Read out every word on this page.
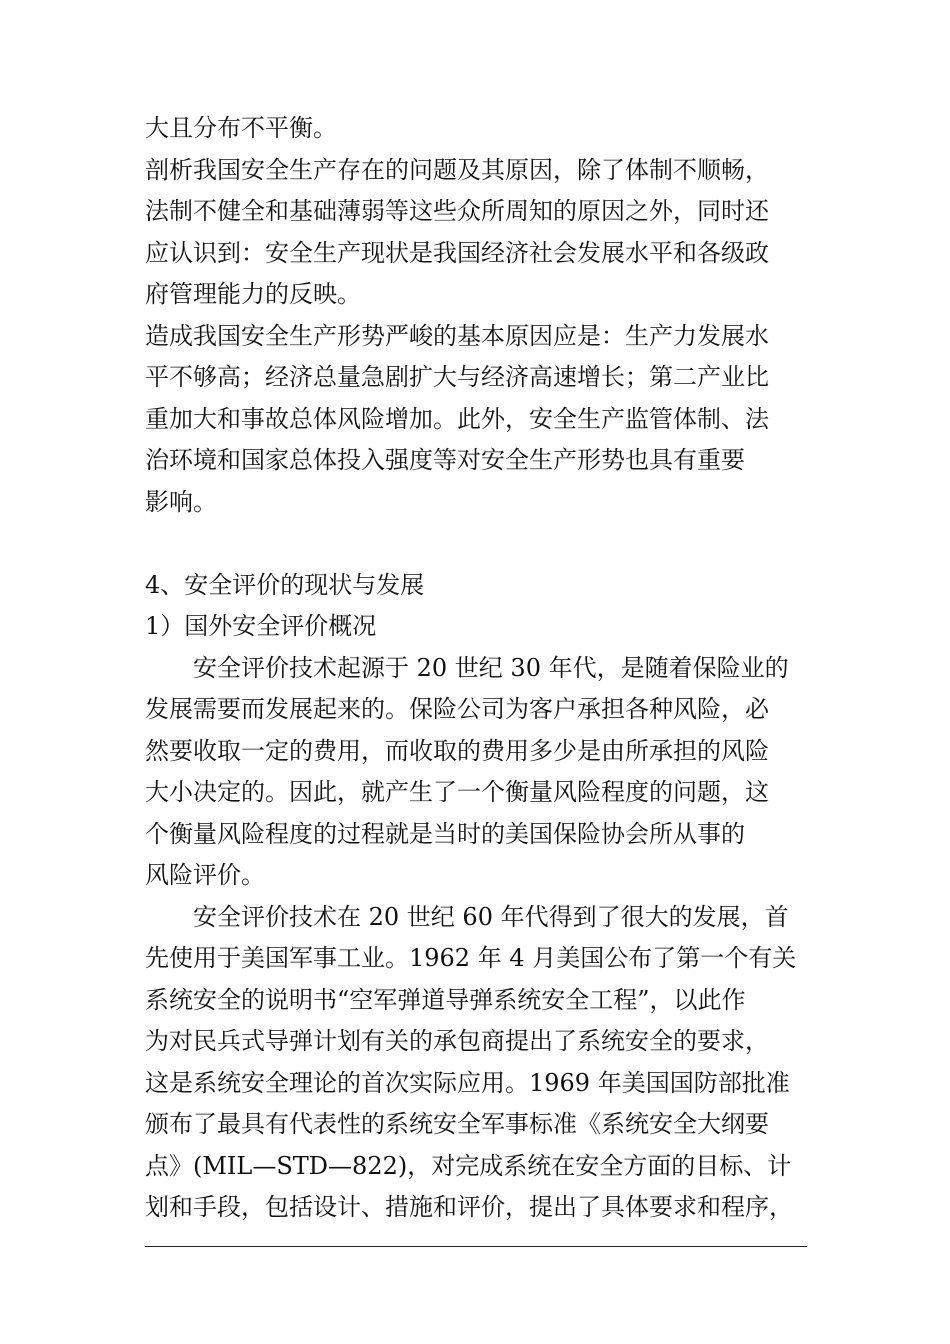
大且分布不平衡。
剖析我国安全生产存在的问题及其原因，除了体制不顺畅，
法制不健全和基础薄弱等这些众所周知的原因之外，同时还
应认识到：安全生产现状是我国经济社会发展水平和各级政
府管理能力的反映。
造成我国安全生产形势严峻的基本原因应是：生产力发展水
平不够高；经济总量急剧扩大与经济高速增长；第二产业比
重加大和事故总体风险增加。此外，安全生产监管体制、法
治环境和国家总体投入强度等对安全生产形势也具有重要
影响。
4、安全评价的现状与发展
1）国外安全评价概况
安全评价技术起源于 20 世纪 30 年代，是随着保险业的
发展需要而发展起来的。保险公司为客户承担各种风险，必
然要收取一定的费用，而收取的费用多少是由所承担的风险
大小决定的。因此，就产生了一个衡量风险程度的问题，这
个衡量风险程度的过程就是当时的美国保险协会所从事的
风险评价。
安全评价技术在 20 世纪 60 年代得到了很大的发展，首
先使用于美国军事工业。1962 年 4 月美国公布了第一个有关
系统安全的说明书“空军弹道导弹系统安全工程”，以此作
为对民兵式导弹计划有关的承包商提出了系统安全的要求，
这是系统安全理论的首次实际应用。1969 年美国国防部批准
颁布了最具有代表性的系统安全军事标准《系统安全大纲要
点》(MIL—STD—822)，对完成系统在安全方面的目标、计
划和手段，包括设计、措施和评价，提出了具体要求和程序，
